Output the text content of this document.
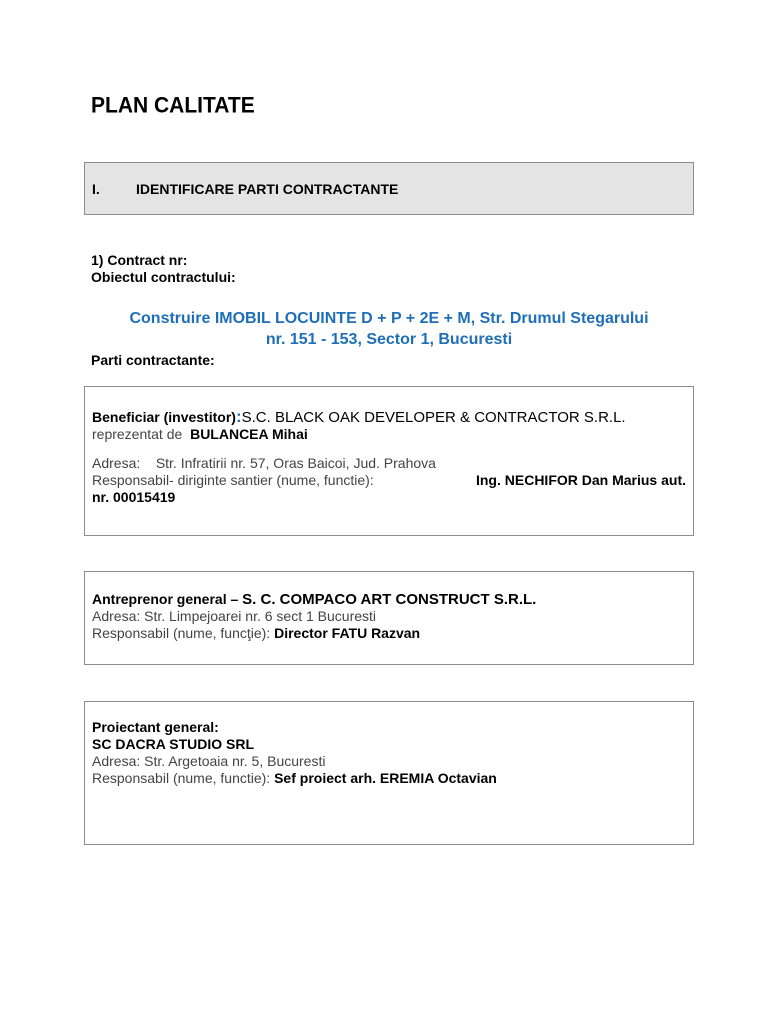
PLAN CALITATE
I.	IDENTIFICARE PARTI CONTRACTANTE
1) Contract nr:
Obiectul contractului:
Construire IMOBIL LOCUINTE D + P + 2E + M, Str. Drumul Stegarului
nr. 151 - 153, Sector 1, Bucuresti
Parti contractante:
Beneficiar (investitor):S.C. BLACK OAK DEVELOPER & CONTRACTOR S.R.L.
reprezentat de BULANCEA Mihai
Adresa: Str. Infratirii nr. 57, Oras Baicoi, Jud. Prahova
Responsabil- diriginte santier (nume, functie):	Ing. NECHIFOR Dan Marius aut.
nr. 00015419
Antreprenor general – S. C. COMPACO ART CONSTRUCT S.R.L.
Adresa: Str. Limpejoarei nr. 6 sect 1 Bucuresti
Responsabil (nume, funcţie): Director FATU Razvan
Proiectant general:
SC DACRA STUDIO SRL
Adresa: Str. Argetoaia nr. 5, Bucuresti
Responsabil (nume, functie): Sef proiect arh. EREMIA Octavian
